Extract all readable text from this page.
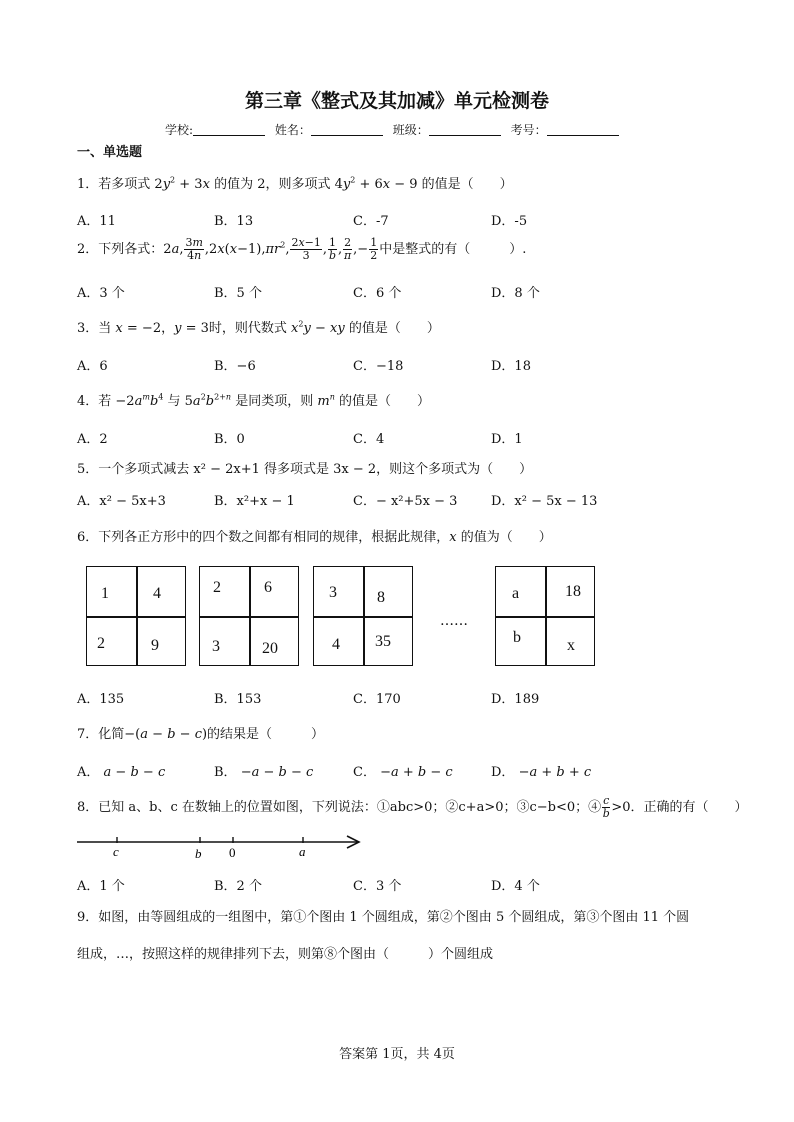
第三章《整式及其加减》单元检测卷
学校:	姓名：	班级：	考号：
一、单选题
1．若多项式 $2y^2 + 3x$ 的值为 2，则多项式 $4y^2 + 6x - 9$ 的值是（　　）
A．11	B．13	C．-7	D．-5
2．下列各式：2a, $\frac{3m}{4n} ,2x(x-1),\pi r^2$, $\frac{2x-1}{3}$ , $\frac{1}{b}$ , $\frac{2}{\pi}$ ,− $\frac{1}{2}$ 中是整式的有（　　　）.
A．3 个	B．5 个	C．6 个	D．8 个
3．当 x = −2，y = 3时，则代数式 $x^2y$ − xy 的值是（　　）
A．6	B．−6	C．−18	D．18
4．若 $-2a^mb^4$ 与 $5a^2b^{2+n}$ 是同类项，则 $m^n$ 的值是（　　）
A．2	B．0	C．4	D．1
5．一个多项式减去 x² − 2x+1 得多项式是 3x − 2，则这个多项式为（　　）
A．x² − 5x+3	B．x²+x − 1	C．− x²+5x − 3	D．x² − 5x − 13
6．下列各正方形中的四个数之间都有相同的规律，根据此规律，x 的值为（　　）
1	4
2	9
2	6
3	20
3	8
4 35
……
a	18
b	x
A．135	B．153	C．170	D．189
7．化简−(a − b − c)的结果是（　　　）
A． a − b − c	B． −a − b − c	C． −a + b − c	D． −a + b + c
8．已知 a、b、c 在数轴上的位置如图，下列说法：①abc>0；②c+a>0；③c−b<0；④ $\frac{c}{b} >0$．正确的有（　　）
c	b 0	a
A．1 个	B．2 个	C．3 个	D．4 个
9．如图，由等圆组成的一组图中，第①个图由 1 个圆组成，第②个图由 5 个圆组成，第③个图由 11 个圆
组成，…，按照这样的规律排列下去，则第⑧个图由（　　　）个圆组成
答案第 1页，共 4页
